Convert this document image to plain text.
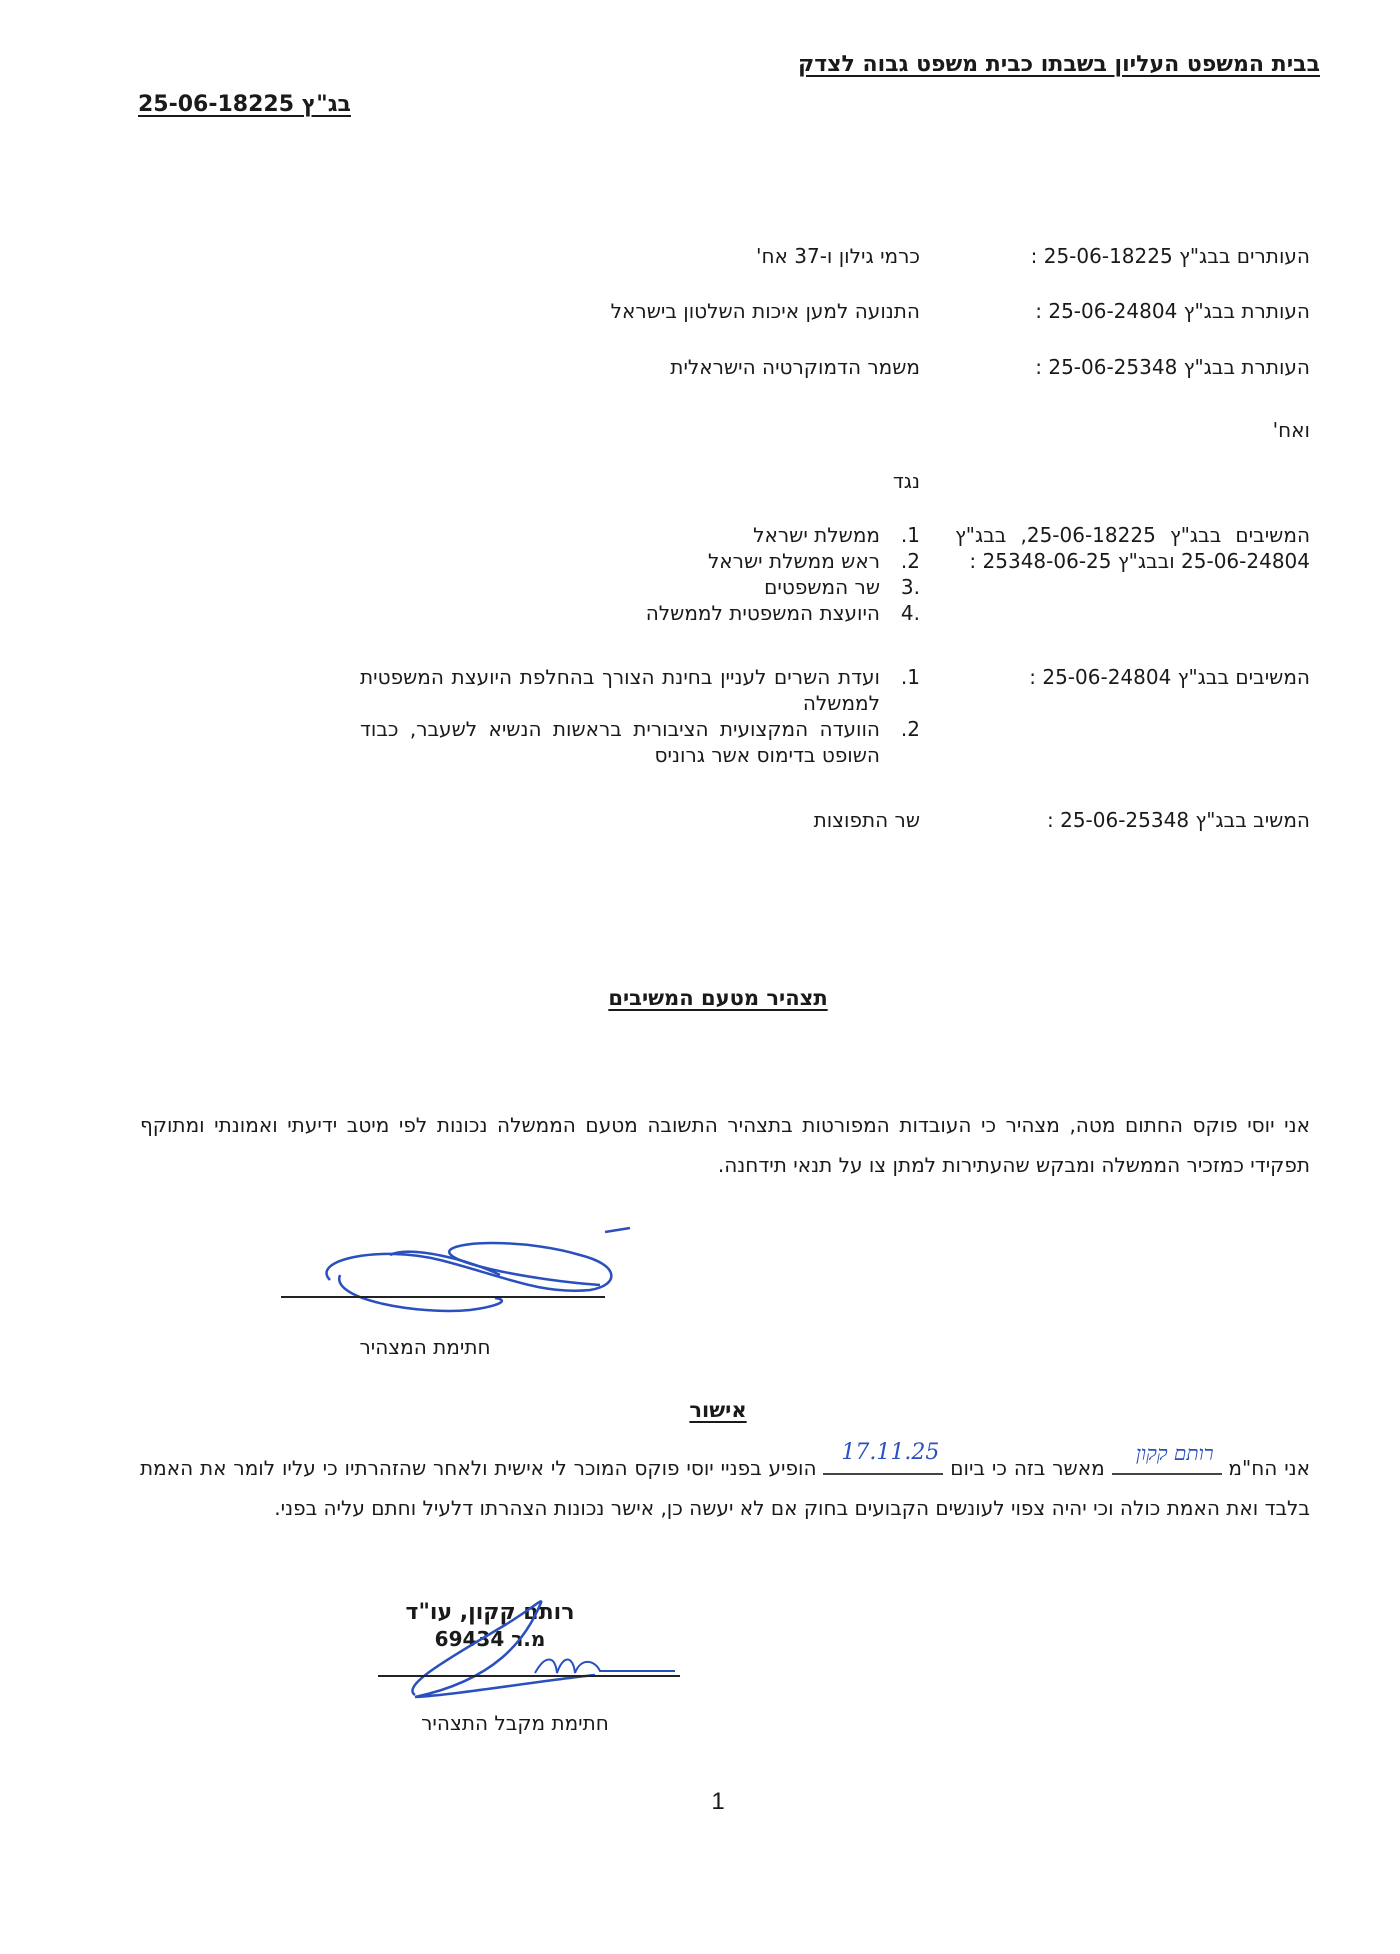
בבית המשפט העליון בשבתו כבית משפט גבוה לצדק
בג"ץ 25-06-18225
העותרים בבג"ץ 25-06-18225 :
כרמי גילון ו-37 אח'
העותרת בבג"ץ 25-06-24804 :
התנועה למען איכות השלטון בישראל
העותרת בבג"ץ 25-06-25348 :
משמר הדמוקרטיה הישראלית
ואח'
נגד
המשיבים בבג"ץ 25-06-18225, בבג"ץ 25-06-24804 ובבג"ץ 25348-06-25 :
1.
ממשלת ישראל
2.
ראש ממשלת ישראל
.3
שר המשפטים
.4
היועצת המשפטית לממשלה
המשיבים בבג"ץ 25-06-24804 :
1.
ועדת השרים לעניין בחינת הצורך בהחלפת היועצת המשפטית לממשלה
2.
הוועדה המקצועית הציבורית בראשות הנשיא לשעבר, כבוד השופט בדימוס אשר גרוניס
המשיב בבג"ץ 25-06-25348 :
שר התפוצות
תצהיר מטעם המשיבים
אני יוסי פוקס החתום מטה, מצהיר כי העובדות המפורטות בתצהיר התשובה מטעם הממשלה נכונות לפי מיטב ידיעתי ואמונתי ומתוקף תפקידי כמזכיר הממשלה ומבקש שהעתירות למתן צו על תנאי תידחנה.
חתימת המצהיר
אישור
אני הח"מ
רותם קקון
מאשר בזה כי ביום
17.11.25
הופיע בפניי יוסי פוקס המוכר לי אישית ולאחר שהזהרתיו כי עליו לומר את האמת בלבד ואת האמת כולה וכי יהיה צפוי לעונשים הקבועים בחוק אם לא יעשה כן, אישר נכונות הצהרתו דלעיל וחתם עליה בפני.
רותם קקון, עו"ד
מ.ר 69434
חתימת מקבל התצהיר
1
